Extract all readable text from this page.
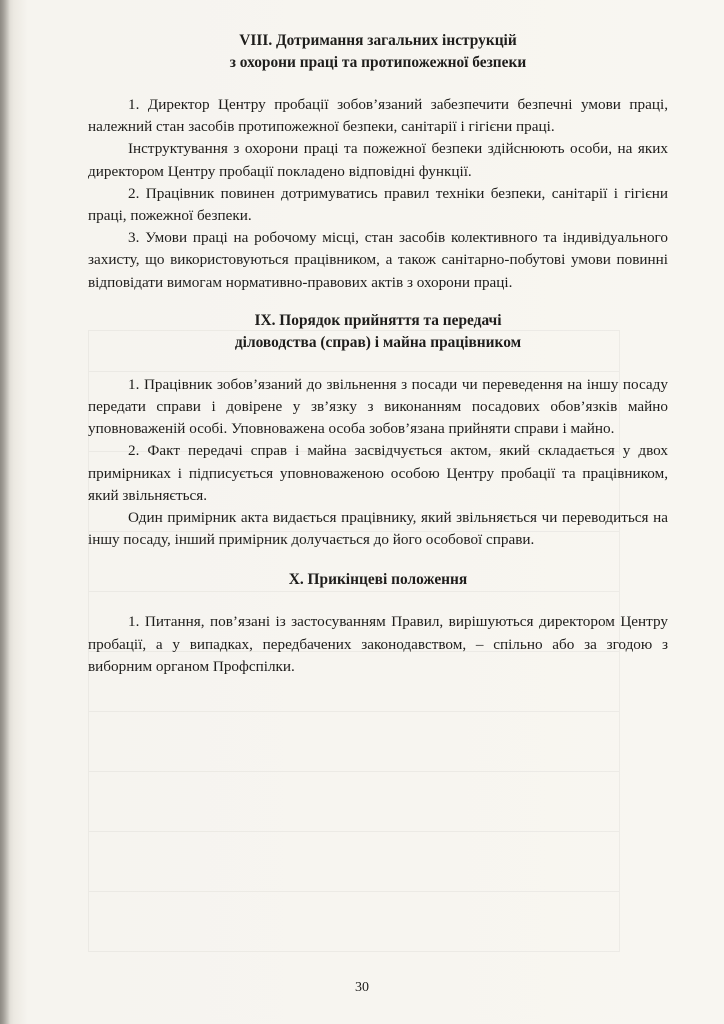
VIII. Дотримання загальних інструкцій
з охорони праці та протипожежної безпеки

1. Директор Центру пробації зобов’язаний забезпечити безпечні умови праці, належний стан засобів протипожежної безпеки, санітарії і гігієни праці.

Інструктування з охорони праці та пожежної безпеки здійснюють особи, на яких директором Центру пробації покладено відповідні функції.

2. Працівник повинен дотримуватись правил техніки безпеки, санітарії і гігієни праці, пожежної безпеки.

3. Умови праці на робочому місці, стан засобів колективного та індивідуального захисту, що використовуються працівником, а також санітарно-побутові умови повинні відповідати вимогам нормативно-правових актів з охорони праці.

IX. Порядок прийняття та передачі
діловодства (справ) і майна працівником

1. Працівник зобов’язаний до звільнення з посади чи переведення на іншу посаду передати справи і довірене у зв’язку з виконанням посадових обов’язків майно уповноваженій особі. Уповноважена особа зобов’язана прийняти справи і майно.

2. Факт передачі справ і майна засвідчується актом, який складається у двох примірниках і підписується уповноваженою особою Центру пробації та працівником, який звільняється.

Один примірник акта видається працівнику, який звільняється чи переводиться на іншу посаду, інший примірник долучається до його особової справи.

X. Прикінцеві положення

1. Питання, пов’язані із застосуванням Правил, вирішуються директором Центру пробації, а у випадках, передбачених законодавством, – спільно або за згодою з виборним органом Профспілки.

30
